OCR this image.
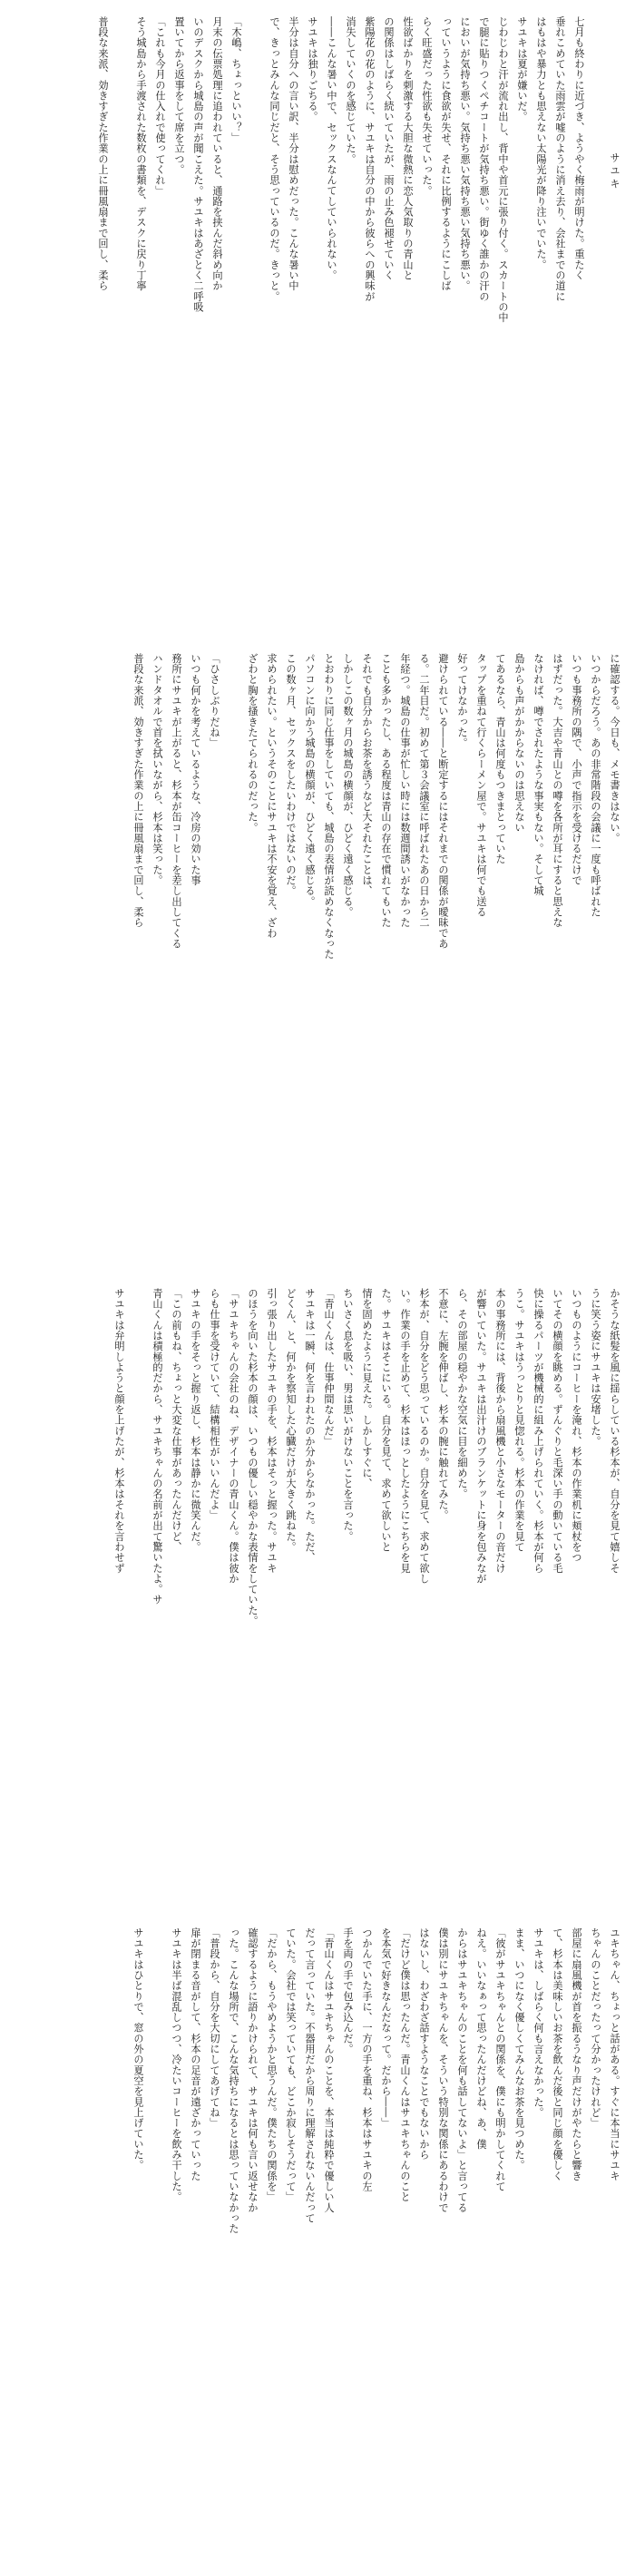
サユキ

七月も終わりに近づき、ようやく梅雨が明けた。重たく

垂れこめていた雨雲が嘘のように消え去り、会社までの道に

はもはや暴力とも思えない太陽光が降り注いでいた。

サユキは夏が嫌いだ。

じわじわと汗が流れ出し、背中や首元に張り付く。スカートの中

で腿に貼りつくペチコートが気持ち悪い。街ゆく誰かの汗の

においが気持ち悪い。気持ち悪い気持ち悪い気持ち悪い。

っていうように食欲が失せ、それに比例するようにこしば

らく旺盛だった性欲も失せていった。

性欲ばかりを刺激する大胆な微熱に恋人気取りの青山と

の関係はしばらく続いていたが、雨の止み色褪せていく

紫陽花の花のように、サユキは自分の中から彼らへの興味が

消失していくのを感じていた。

――こんな暑い中で、セックスなんてしていられない。

サユキは独りごちる。

半分は自分への言い訳、半分は慰めだった。こんな暑い中

で、きっとみんな同じだと、そう思っているのだ。きっと。

「木嶋、ちょっといい？」

月末の伝票処理に追われていると、通路を挟んだ斜め向か

いのデスクから城島の声が聞こえた。サユキはあざとく二呼吸

置いてから返事をして席を立つ。

「これも今月の仕入れで使ってくれ」

そう城島から手渡された数枚の書類を、デスクに戻り丁寧

普段な来派、効きすぎた作業の上に冊風扇まで回し、柔ら

に確認する。今日も、メモ書きはない。

いつからだろう。あの非常階段の会議に一度も呼ばれた

いつも事務所の隅で、小声で指示を受けるだけで

はずだった。大吉や青山との噂を各所が耳にすると思えな

なければ、噂でされたような事実もない。そして城

島からも声がかからないのは思えない

てあるなら、青山は何度もつきまとっていた

タップを重ねて行くらーメン屋で。サユキは何でも送る

好ってけなかった。

避けられている――と断定するにはそれまでの関係が曖昧であ

る。二年目だ。初めて第３会議室に呼ばれたあの日から二

年経つ。城島の仕事が忙しい時には数週間誘いがなかった

ことも多かったし、ある程度は青山の存在で慣れてもいた

それでも自分からお茶を誘うなど大それたことは、

しかしこの数ヶ月の城島の横顔が、ひどく遠く感じる。

とおわりに同じ仕事をしていても、城島の表情が読めなくなった

パソコンに向かう城島の横顔が、ひどく遠く感じる。

この数ヶ月、セックスをしたいわけではないのだ。

求められたい。というそのことにサユキは不安を覚え、ざわ

ざわと胸を搔きたてられるのだった。

「ひさしぶりだね」

いつも何かを考えているような、冷房の効いた事

務所にサユキが上がると、杉本が缶コーヒーを差し出してくる

ハンドタオルで首を拭いながら、杉本は笑った。

普段な来派、効きすぎた作業の上に冊風扇まで回し、柔ら

かそうな紙髪を風に揺らしている杉本が、自分を見て嬉しそ

うに笑う姿にサユキは安堵した。

いつものようにコーヒーを淹れ、杉本の作業机に頬杖をつ

いてその横顔を眺める。ずんぐりと毛深い手の動いている毛

快に操るパーツが機械的に組み上げられていく。杉本が何ら

うこ。サユキはうっとりと見惚れる。杉本の作業を見て

本の事務所には、背後から扇風機と小さなモーターの音だけ

が響いていた。サユキは出汁けのブランケットに身を包みなが

ら、その部屋の穏やかな空気に目を細めた。

不意に、左腕を伸ばし、杉本の腕に触れてみた。

杉本が、自分をどう思っているのか。自分を見て、求めて欲し

い。作業の手を止めて、杉本はほっとしたようにこちらを見

た。サユキはそこにいる。自分を見て、求めて欲しいと

情を固めたように見えた。しかしすぐに、

ちいさく息を吸い、男は思いがけないことを言った。

「青山くんは、仕事仲間なんだ」

サユキは一瞬、何を言われたのか分からなかった。ただ、

どくん、と、何かを察知した心臓だけが大きく跳ねた。

引っ張り出したサユキの手を、杉本はそっと握った。サユキ

のほうを向いた杉本の顔は、いつもの優しい穏やかな表情をしていた。

「サユキちゃんの会社のね、デザイナーの青山くん。僕は彼か

らも仕事を受けていて、結構相性がいいんだよ」

サユキの手をそっと握り返し、杉本は静かに微笑んだ。

「この前もね、ちょっと大変な仕事があったんだけど、

青山くんは積極的だから、サユキちゃんの名前が出て驚いたよ。サ

サユキは弁明しようと顔を上げたが、杉本はそれを言わせず

ユキちゃん、ちょっと話がある。すぐに本当にサユキ

ちゃんのことだったって分かったけれど」

部屋に扇風機が首を振るうなり声だけがやたらと響き

て、杉本は美味しいお茶を飲んだ後と同じ顔を優しく

サユキは、しばらく何も言えなかった。

まま、いつになく優しくてみんなお茶を見つめた。

「彼がサユキちゃんとの関係を、僕にも明かしてくれて

ねえ。いいなぁって思ったんだけどね、あ、僕

からはサユキちゃんのことを何も話してないよ」と言ってる

僕は別にサユキちゃんを、そういう特別な関係にあるわけで

はないし、わざわざ話すようなことでもないから

「だけど僕は思ったんだ。青山くんはサユキちゃんのこと

を本気で好きなんだなって。だから――」

つかんでいた手に、一方の手を重ね、杉本はサユキの左

手を両の手で包み込んだ。

「青山くんはサユキちゃんのことを、本当は純粋で優しい人

だって言っていた。不器用だから周りに理解されないんだって

ていた。会社では笑っていても、どこか寂しそうだって」

「だから、もうやめようかと思うんだ。僕たちの関係を」

確認するように語りかけられて、サユキは何も言い返せなか

った。こんな場所で、こんな気持ちになるとは思っていなかった

「普段から、自分を大切にしてあげてね」

扉が閉まる音がして、杉本の足音が遠ざかっていった

サユキは半ば混乱しつつ、冷たいコーヒーを飲み干した。

サユキはひとりで、窓の外の夏空を見上げていた。
